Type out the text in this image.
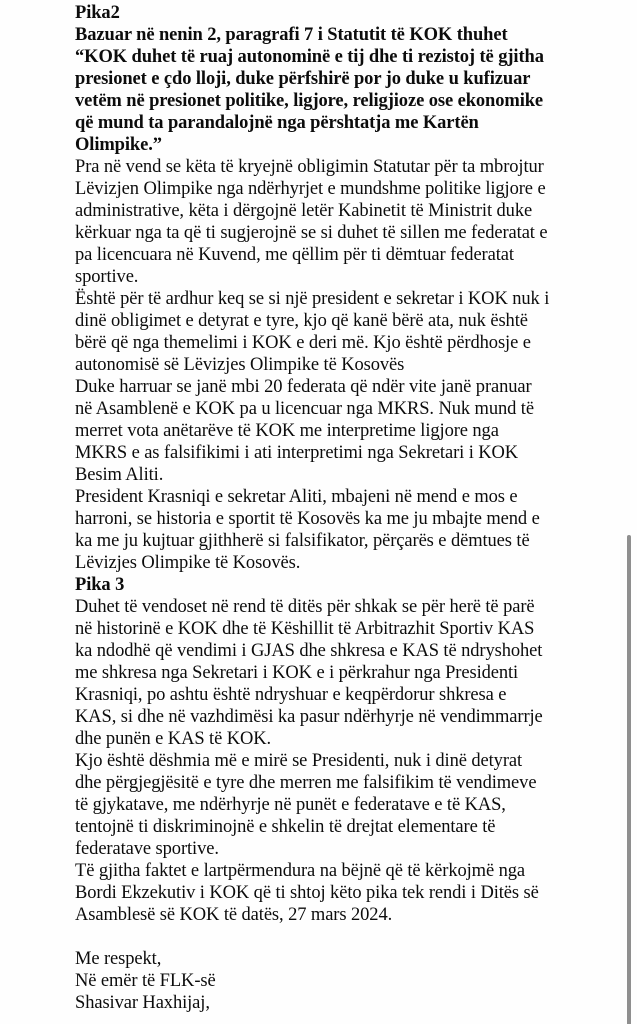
Pika2
Bazuar në nenin 2, paragrafi 7 i Statutit të KOK thuhet
“KOK duhet të ruaj autonominë e tij dhe ti rezistoj të gjitha
presionet e çdo lloji, duke përfshirë por jo duke u kufizuar
vetëm në presionet politike, ligjore, religjioze ose ekonomike
që mund ta parandalojnë nga përshtatja me Kartën
Olimpike.”
Pra në vend se këta të kryejnë obligimin Statutar për ta mbrojtur
Lëvizjen Olimpike nga ndërhyrjet e mundshme politike ligjore e
administrative, këta i dërgojnë letër Kabinetit të Ministrit duke
kërkuar nga ta që ti sugjerojnë se si duhet të sillen me federatat e
pa licencuara në Kuvend, me qëllim për ti dëmtuar federatat
sportive.
Është për të ardhur keq se si një president e sekretar i KOK nuk i
dinë obligimet e detyrat e tyre, kjo që kanë bërë ata, nuk është
bërë që nga themelimi i KOK e deri më. Kjo është përdhosje e
autonomisë së Lëvizjes Olimpike të Kosovës
Duke harruar se janë mbi 20 federata që ndër vite janë pranuar
në Asamblenë e KOK pa u licencuar nga MKRS. Nuk mund të
merret vota anëtarëve të KOK me interpretime ligjore nga
MKRS e as falsifikimi i ati interpretimi nga Sekretari i KOK
Besim Aliti.
President Krasniqi e sekretar Aliti, mbajeni në mend e mos e
harroni, se historia e sportit të Kosovës ka me ju mbajte mend e
ka me ju kujtuar gjithherë si falsifikator, përçarës e dëmtues të
Lëvizjes Olimpike të Kosovës.
Pika 3
Duhet të vendoset në rend të ditës për shkak se për herë të parë
në historinë e KOK dhe të Këshillit të Arbitrazhit Sportiv KAS
ka ndodhë që vendimi i GJAS dhe shkresa e KAS të ndryshohet
me shkresa nga Sekretari i KOK e i përkrahur nga Presidenti
Krasniqi, po ashtu është ndryshuar e keqpërdorur shkresa e
KAS, si dhe në vazhdimësi ka pasur ndërhyrje në vendimmarrje
dhe punën e KAS të KOK.
Kjo është dëshmia më e mirë se Presidenti, nuk i dinë detyrat
dhe përgjegjësitë e tyre dhe merren me falsifikim të vendimeve
të gjykatave, me ndërhyrje në punët e federatave e të KAS,
tentojnë ti diskriminojnë e shkelin të drejtat elementare të
federatave sportive.
Të gjitha faktet e lartpërmendura na bëjnë që të kërkojmë nga
Bordi Ekzekutiv i KOK që ti shtoj këto pika tek rendi i Ditës së
Asamblesë së KOK të datës, 27 mars 2024.
Me respekt,
Në emër të FLK-së
Shasivar Haxhijaj,
